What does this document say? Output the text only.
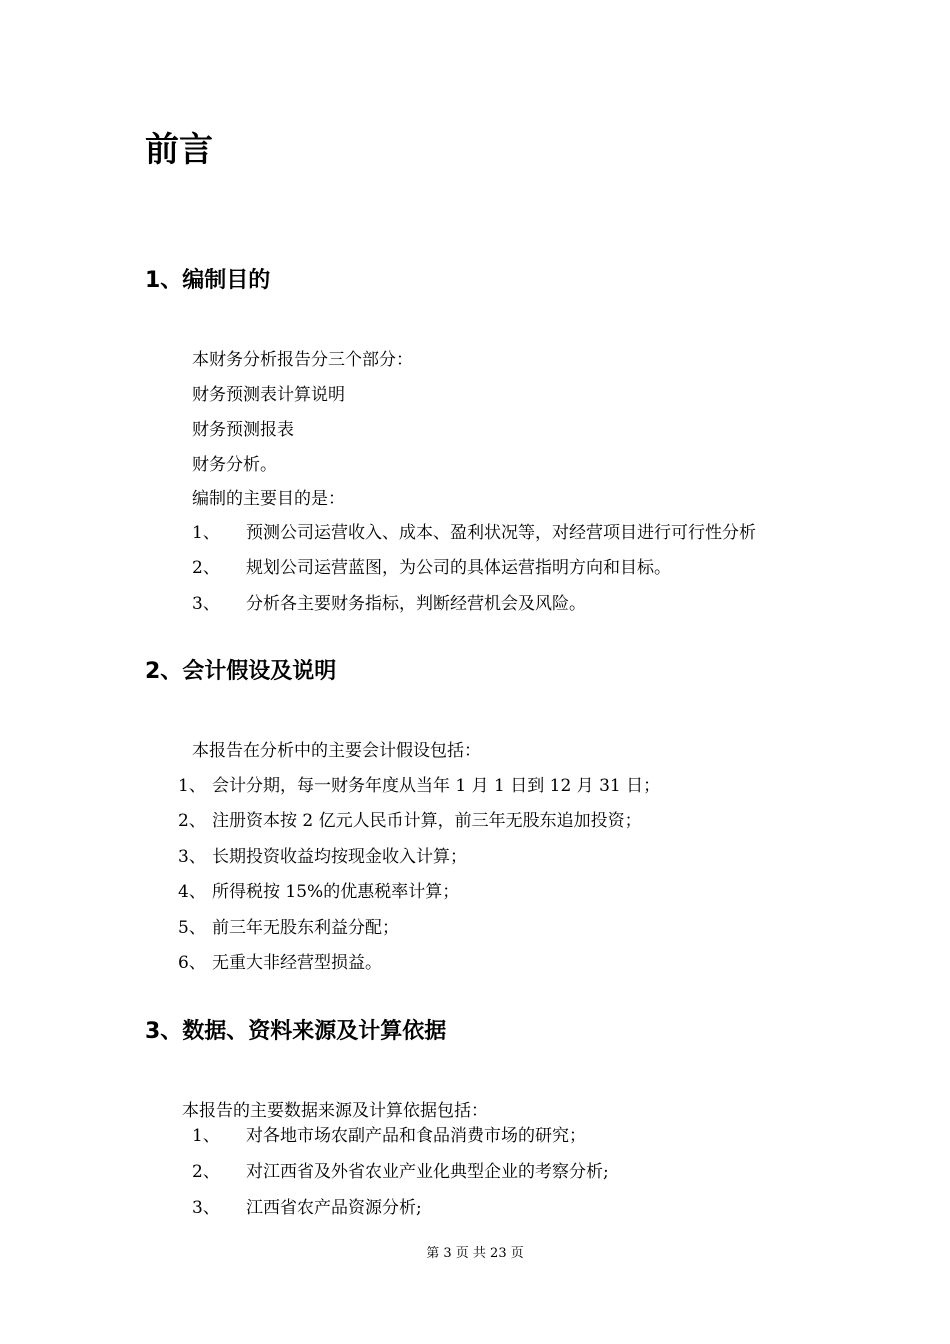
前言
1、编制目的
本财务分析报告分三个部分：
财务预测表计算说明
财务预测报表
财务分析。
编制的主要目的是：
1、 预测公司运营收入、成本、盈利状况等，对经营项目进行可行性分析
2、 规划公司运营蓝图，为公司的具体运营指明方向和目标。
3、 分析各主要财务指标，判断经营机会及风险。
2、会计假设及说明
本报告在分析中的主要会计假设包括：
1、 会计分期，每一财务年度从当年 1 月 1 日到 12 月 31 日；
2、 注册资本按 2 亿元人民币计算，前三年无股东追加投资；
3、 长期投资收益均按现金收入计算；
4、 所得税按 15%的优惠税率计算；
5、 前三年无股东利益分配；
6、 无重大非经营型损益。
3、数据、资料来源及计算依据
本报告的主要数据来源及计算依据包括：
1、 对各地市场农副产品和食品消费市场的研究；
2、 对江西省及外省农业产业化典型企业的考察分析;
3、 江西省农产品资源分析;
第 3 页 共 23 页
